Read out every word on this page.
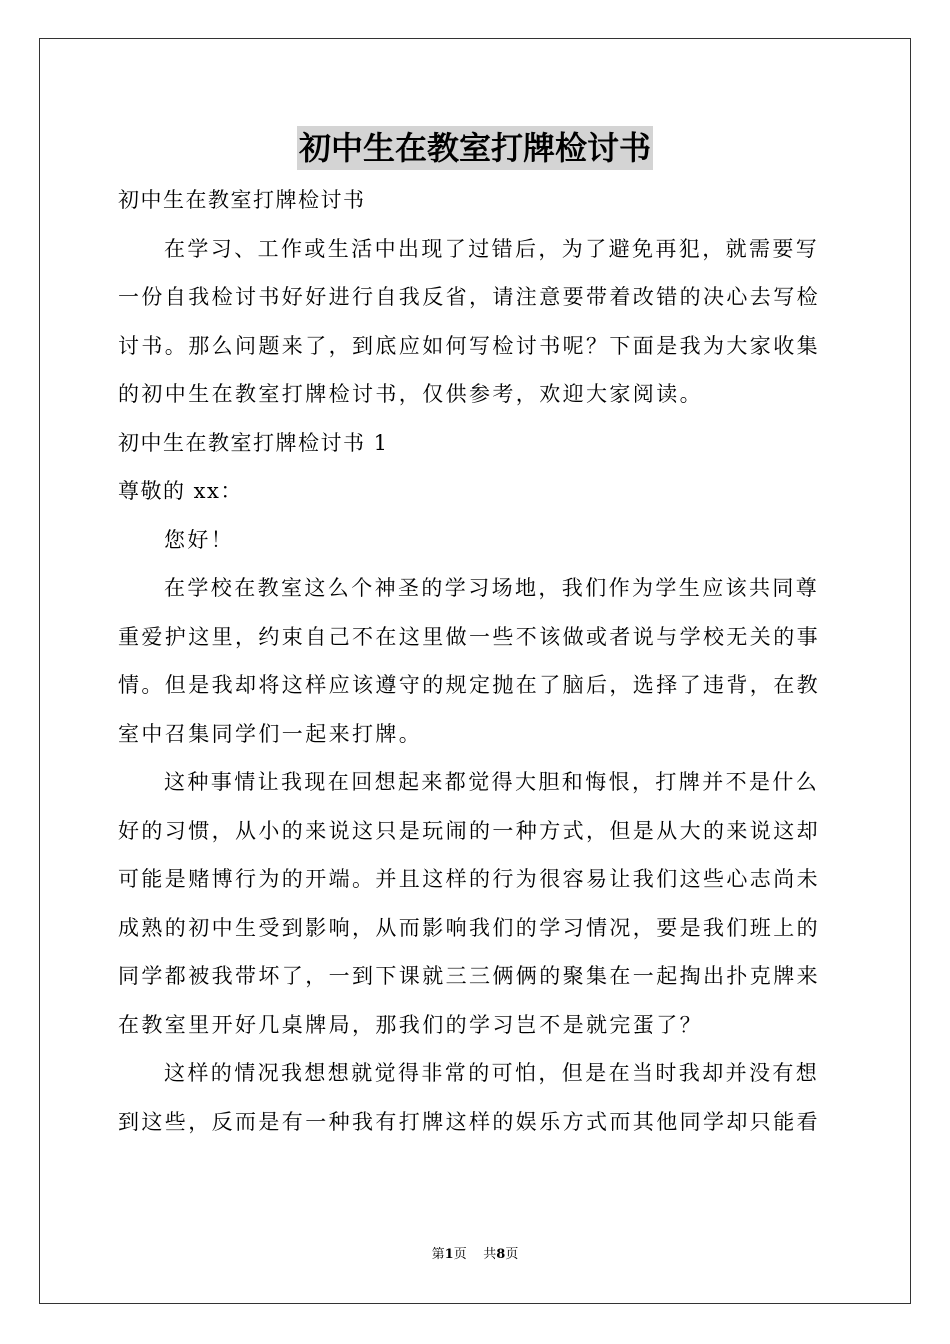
初中生在教室打牌检讨书
初中生在教室打牌检讨书
在学习、工作或生活中出现了过错后，为了避免再犯，就需要写
一份自我检讨书好好进行自我反省，请注意要带着改错的决心去写检
讨书。那么问题来了，到底应如何写检讨书呢？下面是我为大家收集
的初中生在教室打牌检讨书，仅供参考，欢迎大家阅读。
初中生在教室打牌检讨书 1
尊敬的 xx：
您好！
在学校在教室这么个神圣的学习场地，我们作为学生应该共同尊
重爱护这里，约束自己不在这里做一些不该做或者说与学校无关的事
情。但是我却将这样应该遵守的规定抛在了脑后，选择了违背，在教
室中召集同学们一起来打牌。
这种事情让我现在回想起来都觉得大胆和悔恨，打牌并不是什么
好的习惯，从小的来说这只是玩闹的一种方式，但是从大的来说这却
可能是赌博行为的开端。并且这样的行为很容易让我们这些心志尚未
成熟的初中生受到影响，从而影响我们的学习情况，要是我们班上的
同学都被我带坏了，一到下课就三三俩俩的聚集在一起掏出扑克牌来
在教室里开好几桌牌局，那我们的学习岂不是就完蛋了？
这样的情况我想想就觉得非常的可怕，但是在当时我却并没有想
到这些，反而是有一种我有打牌这样的娱乐方式而其他同学却只能看
第1页 共8页
